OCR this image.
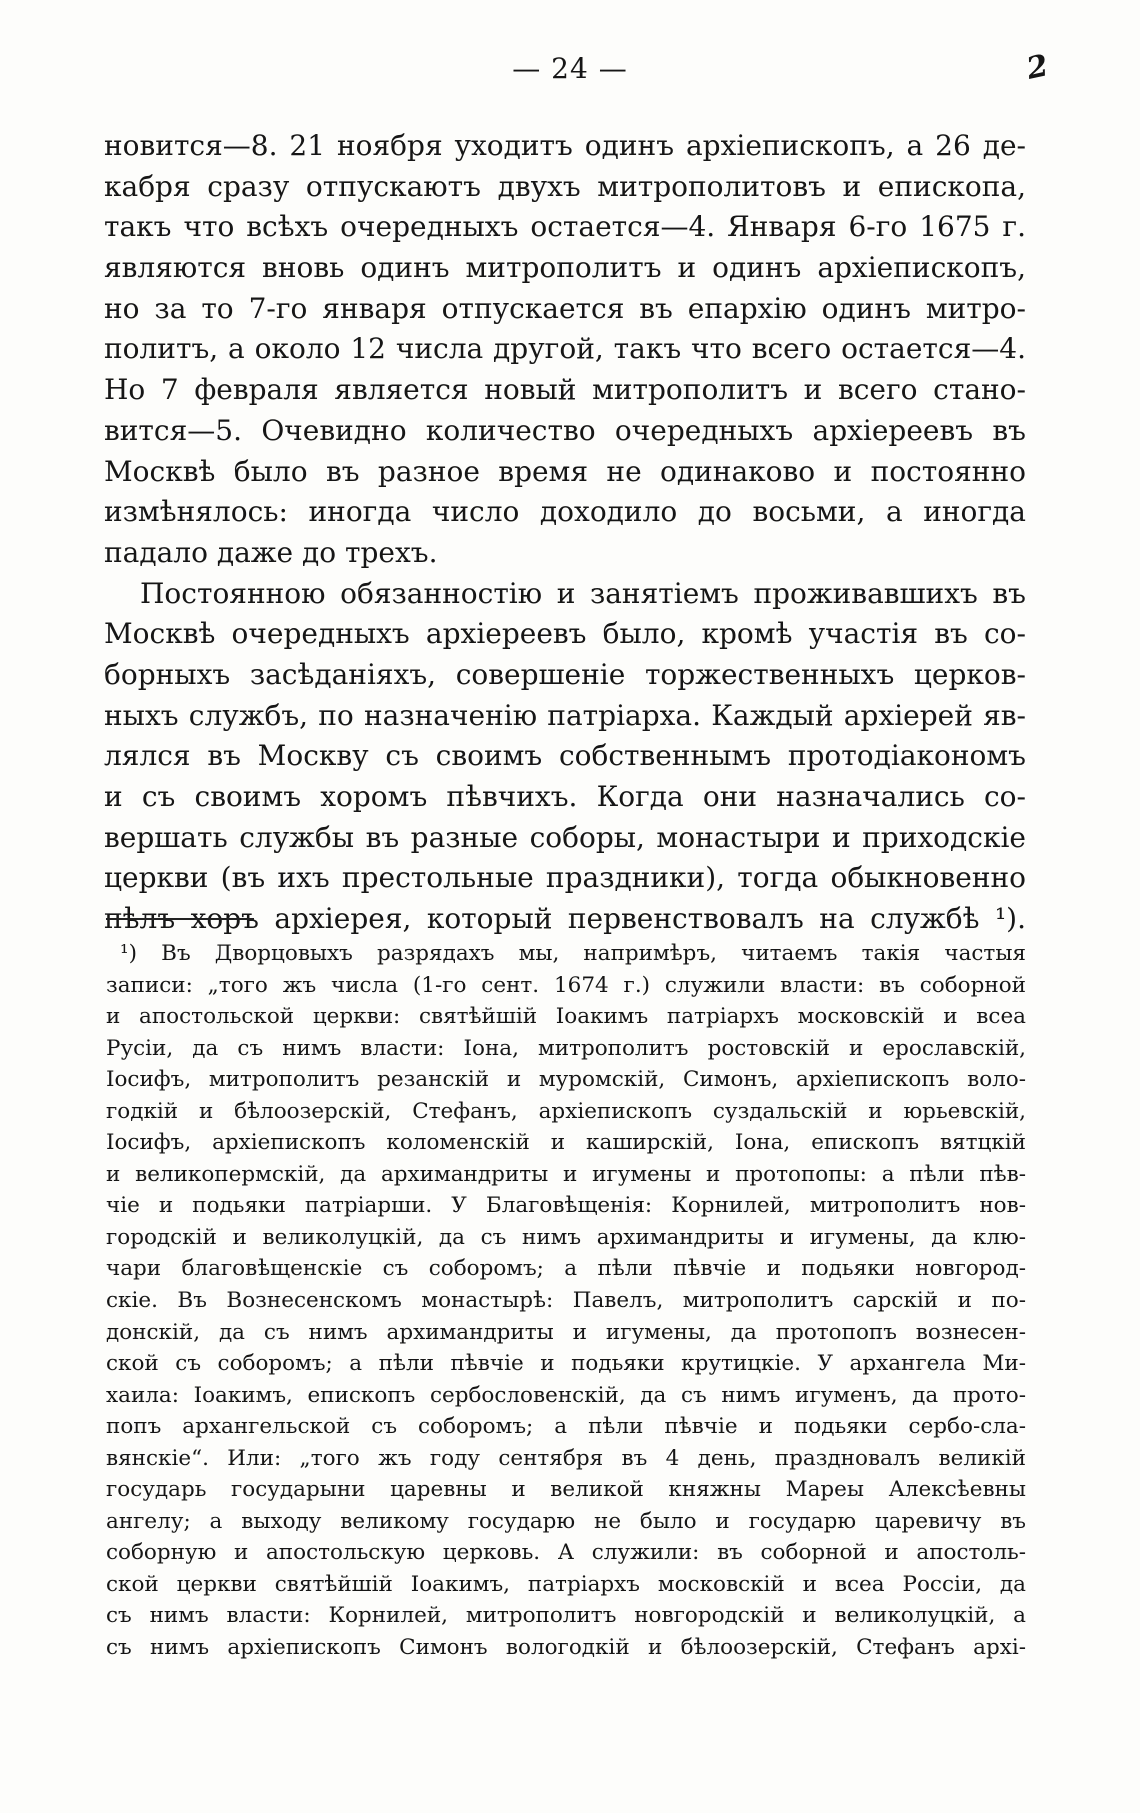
— 24 —	2
новится—8. 21 ноября уходитъ одинъ архіепископъ, а 26 де-
кабря сразу отпускаютъ двухъ митрополитовъ и епископа,
такъ что всѣхъ очередныхъ остается—4. Января 6-го 1675 г.
являются вновь одинъ митрополитъ и одинъ архіепископъ,
но за то 7-го января отпускается въ епархію одинъ митро-
политъ, а около 12 числа другой, такъ что всего остается—4.
Но 7 февраля является новый митрополитъ и всего стано-
вится—5. Очевидно количество очередныхъ архіереевъ въ
Москвѣ было въ разное время не одинаково и постоянно
измѣнялось: иногда число доходило до восьми, а иногда
падало даже до трехъ.
Постоянною обязанностію и занятіемъ проживавшихъ въ
Москвѣ очередныхъ архіереевъ было, кромѣ участія въ со-
борныхъ засѣданіяхъ, совершеніе торжественныхъ церков-
ныхъ службъ, по назначенію патріарха. Каждый архіерей яв-
лялся въ Москву съ своимъ собственнымъ протодіакономъ
и съ своимъ хоромъ пѣвчихъ. Когда они назначались со-
вершать службы въ разные соборы, монастыри и приходскіе
церкви (въ ихъ престольные праздники), тогда обыкновенно
пѣлъ хоръ архіерея, который первенствовалъ на службѣ ¹).
¹) Въ Дворцовыхъ разрядахъ мы, напримѣръ, читаемъ такія частыя
записи: „того жъ числа (1-го сент. 1674 г.) служили власти: въ соборной
и апостольской церкви: святѣйшій Іоакимъ патріархъ московскій и всеа
Русіи, да съ нимъ власти: Іона, митрополитъ ростовскій и ерославскій,
Іосифъ, митрополитъ резанскій и муромскій, Симонъ, архіепископъ воло-
годкій и бѣлоозерскій, Стефанъ, архіепископъ суздальскій и юрьевскій,
Іосифъ, архіепископъ коломенскій и каширскій, Іона, епископъ вятцкій
и великопермскій, да архимандриты и игумены и протопопы: а пѣли пѣв-
чіе и подьяки патріарши. У Благовѣщенія: Корнилей, митрополитъ нов-
городскій и великолуцкій, да съ нимъ архимандриты и игумены, да клю-
чари благовѣщенскіе съ соборомъ; а пѣли пѣвчіе и подьяки новгород-
скіе. Въ Вознесенскомъ монастырѣ: Павелъ, митрополитъ сарскій и по-
донскій, да съ нимъ архимандриты и игумены, да протопопъ вознесен-
ской съ соборомъ; а пѣли пѣвчіе и подьяки крутицкіе. У архангела Ми-
хаила: Іоакимъ, епископъ сербословенскій, да съ нимъ игуменъ, да прото-
попъ архангельской съ соборомъ; а пѣли пѣвчіе и подьяки сербо-сла-
вянскіе“. Или: „того жъ году сентября въ 4 день, праздновалъ великій
государь государыни царевны и великой княжны Мареы Алексѣевны
ангелу; а выходу великому государю не было и государю царевичу въ
соборную и апостольскую церковь. А служили: въ соборной и апостоль-
ской церкви святѣйшій Іоакимъ, патріархъ московскій и всеа Россіи, да
съ нимъ власти: Корнилей, митрополитъ новгородскій и великолуцкій, а
съ нимъ архіепископъ Симонъ вологодкій и бѣлоозерскій, Стефанъ архі-
